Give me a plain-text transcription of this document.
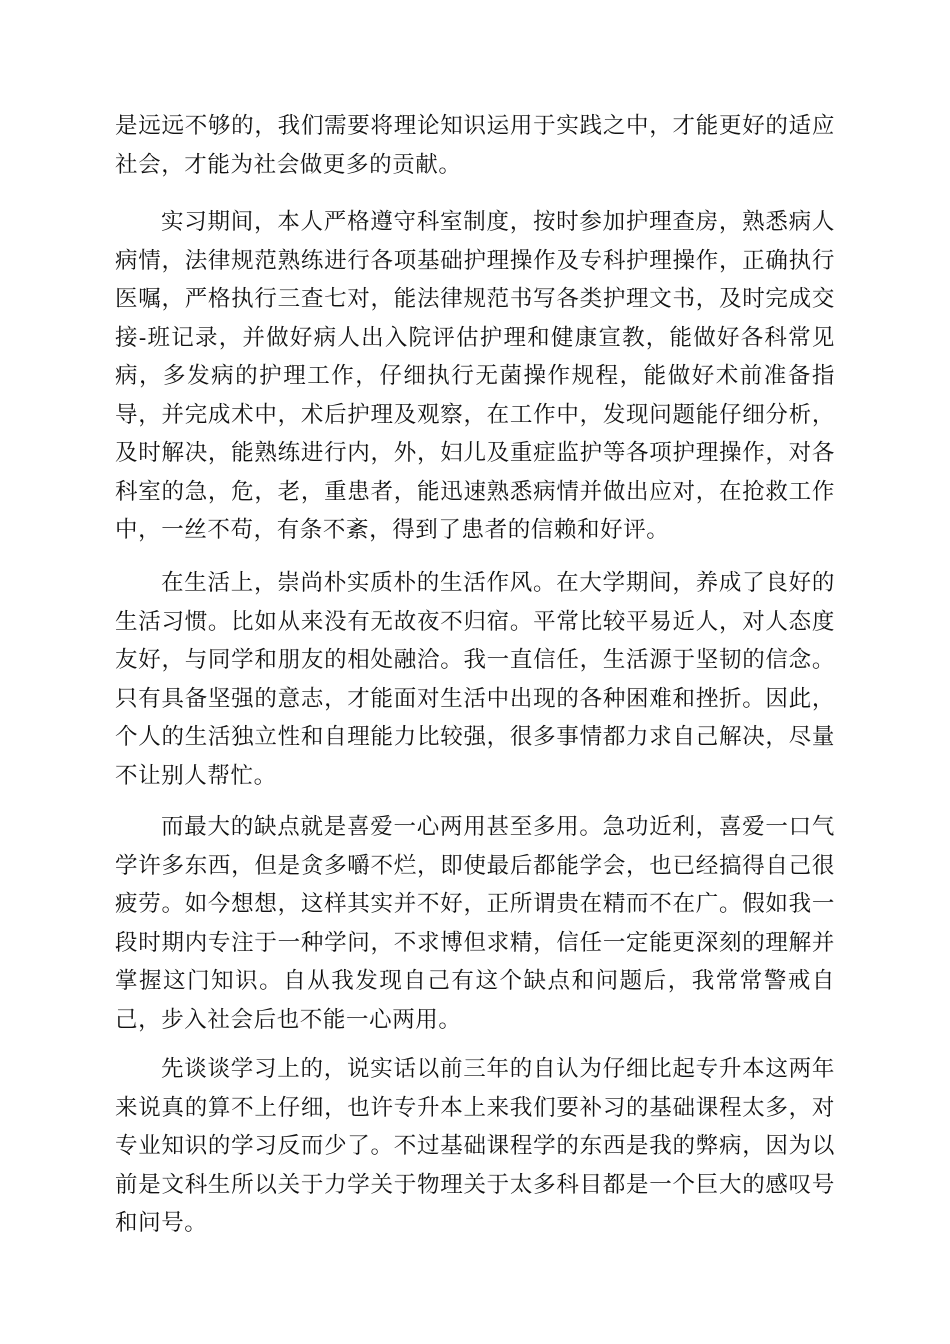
是远远不够的，我们需要将理论知识运用于实践之中，才能更好的适应社会，才能为社会做更多的贡献。

实习期间，本人严格遵守科室制度，按时参加护理查房，熟悉病人病情，法律规范熟练进行各项基础护理操作及专科护理操作，正确执行医嘱，严格执行三查七对，能法律规范书写各类护理文书，及时完成交接-班记录，并做好病人出入院评估护理和健康宣教，能做好各科常见病，多发病的护理工作，仔细执行无菌操作规程，能做好术前准备指导，并完成术中，术后护理及观察，在工作中，发现问题能仔细分析，及时解决，能熟练进行内，外，妇儿及重症监护等各项护理操作，对各科室的急，危，老，重患者，能迅速熟悉病情并做出应对，在抢救工作中，一丝不苟，有条不紊，得到了患者的信赖和好评。

在生活上，崇尚朴实质朴的生活作风。在大学期间，养成了良好的生活习惯。比如从来没有无故夜不归宿。平常比较平易近人，对人态度友好，与同学和朋友的相处融洽。我一直信任，生活源于坚韧的信念。只有具备坚强的意志，才能面对生活中出现的各种困难和挫折。因此，个人的生活独立性和自理能力比较强，很多事情都力求自己解决，尽量不让别人帮忙。

而最大的缺点就是喜爱一心两用甚至多用。急功近利，喜爱一口气学许多东西，但是贪多嚼不烂，即使最后都能学会，也已经搞得自己很疲劳。如今想想，这样其实并不好，正所谓贵在精而不在广。假如我一段时期内专注于一种学问，不求博但求精，信任一定能更深刻的理解并掌握这门知识。自从我发现自己有这个缺点和问题后，我常常警戒自己，步入社会后也不能一心两用。

先谈谈学习上的，说实话以前三年的自认为仔细比起专升本这两年来说真的算不上仔细，也许专升本上来我们要补习的基础课程太多，对专业知识的学习反而少了。不过基础课程学的东西是我的弊病，因为以前是文科生所以关于力学关于物理关于太多科目都是一个巨大的感叹号和问号。
